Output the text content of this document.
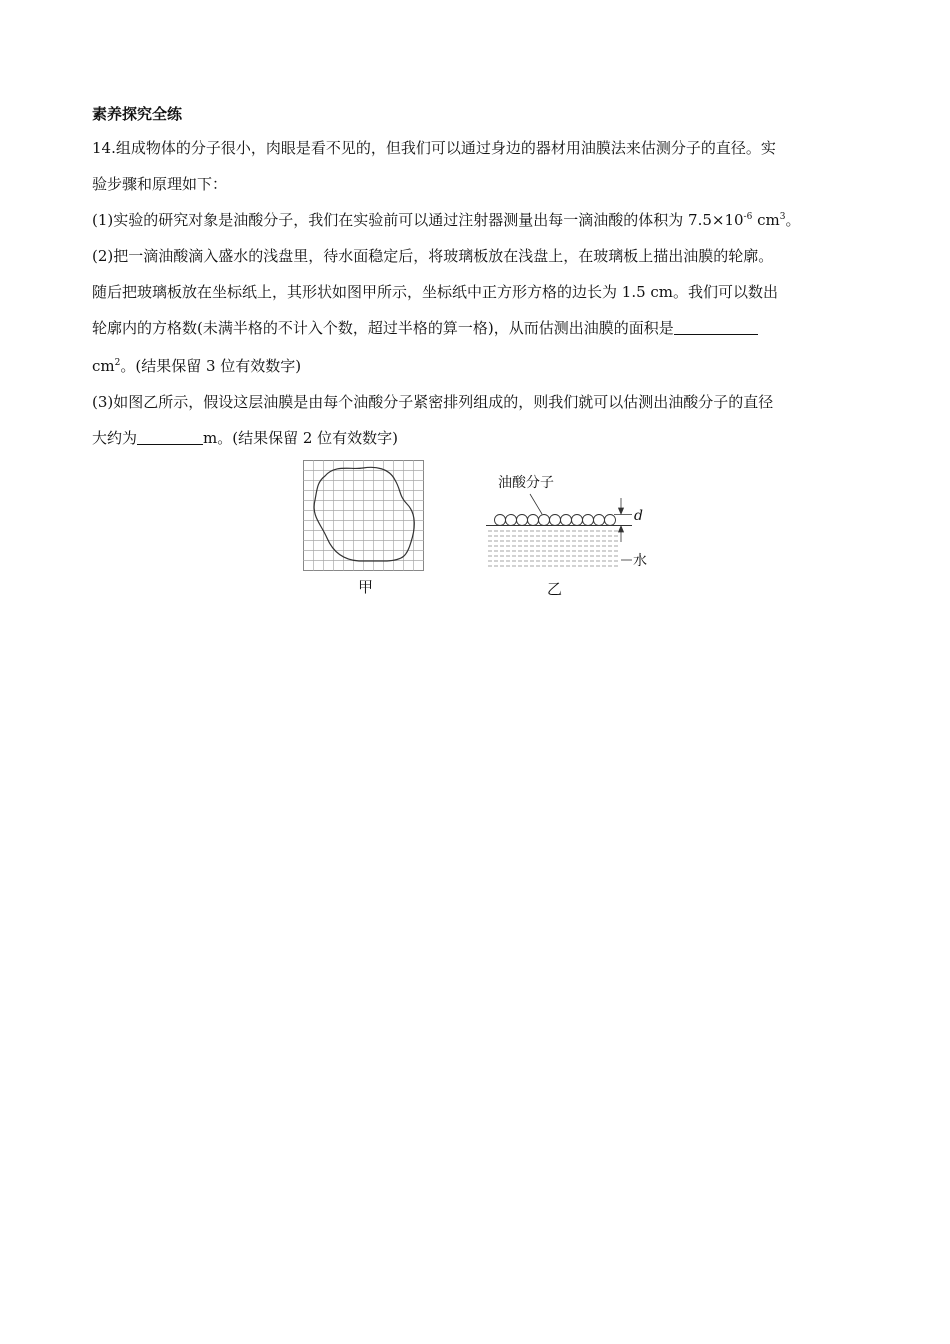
素养探究全练
14.组成物体的分子很小，肉眼是看不见的，但我们可以通过身边的器材用油膜法来估测分子的直径。实
验步骤和原理如下：
(1)实验的研究对象是油酸分子，我们在实验前可以通过注射器测量出每一滴油酸的体积为 $7.5\times 10^{-6}$ $cm^3$。
(2)把一滴油酸滴入盛水的浅盘里，待水面稳定后，将玻璃板放在浅盘上，在玻璃板上描出油膜的轮廓。
随后把玻璃板放在坐标纸上，其形状如图甲所示，坐标纸中正方形方格的边长为 1.5 cm。我们可以数出
轮廓内的方格数(未满半格的不计入个数，超过半格的算一格)，从而估测出油膜的面积是
$cm^2$。(结果保留 3 位有效数字)
(3)如图乙所示，假设这层油膜是由每个油酸分子紧密排列组成的，则我们就可以估测出油酸分子的直径
大约为	m。(结果保留 2 位有效数字)
甲
油酸分子
d
水
乙
